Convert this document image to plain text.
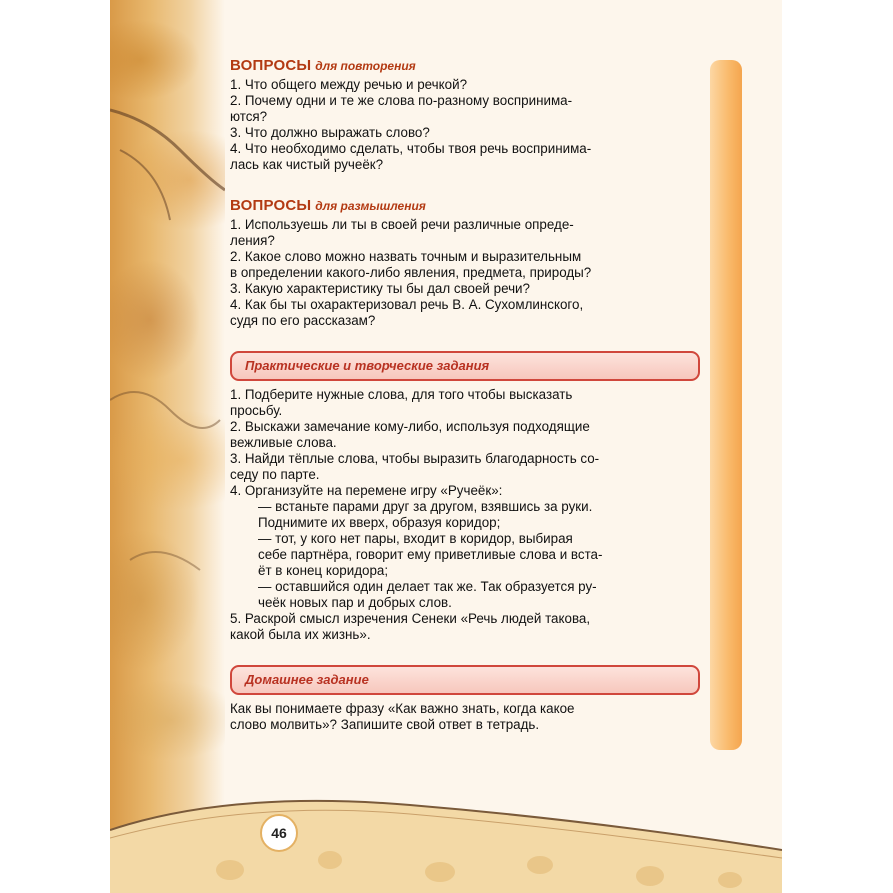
ВОПРОСЫ для повторения

1. Что общего между речью и речкой?

2. Почему одни и те же слова по-разному воспринима-

ются?

3. Что должно выражать слово?

4. Что необходимо сделать, чтобы твоя речь воспринима-

лась как чистый ручеёк?

ВОПРОСЫ для размышления

1. Используешь ли ты в своей речи различные опреде-

ления?

2. Какое слово можно назвать точным и выразительным

в определении какого-либо явления, предмета, природы?

3. Какую характеристику ты бы дал своей речи?

4. Как бы ты охарактеризовал речь В. А. Сухомлинского,

судя по его рассказам?

Практические и творческие задания

1. Подберите нужные слова, для того чтобы высказать

просьбу.

2. Выскажи замечание кому-либо, используя подходящие

вежливые слова.

3. Найди тёплые слова, чтобы выразить благодарность со-

седу по парте.

4. Организуйте на перемене игру «Ручеёк»:

— встаньте парами друг за другом, взявшись за руки.

Поднимите их вверх, образуя коридор;

— тот, у кого нет пары, входит в коридор, выбирая

себе партнёра, говорит ему приветливые слова и вста-

ёт в конец коридора;

— оставшийся один делает так же. Так образуется ру-

чеёк новых пар и добрых слов.

5. Раскрой смысл изречения Сенеки «Речь людей такова,

какой была их жизнь».

Домашнее задание

Как вы понимаете фразу «Как важно знать, когда какое

слово молвить»? Запишите свой ответ в тетрадь.

46
